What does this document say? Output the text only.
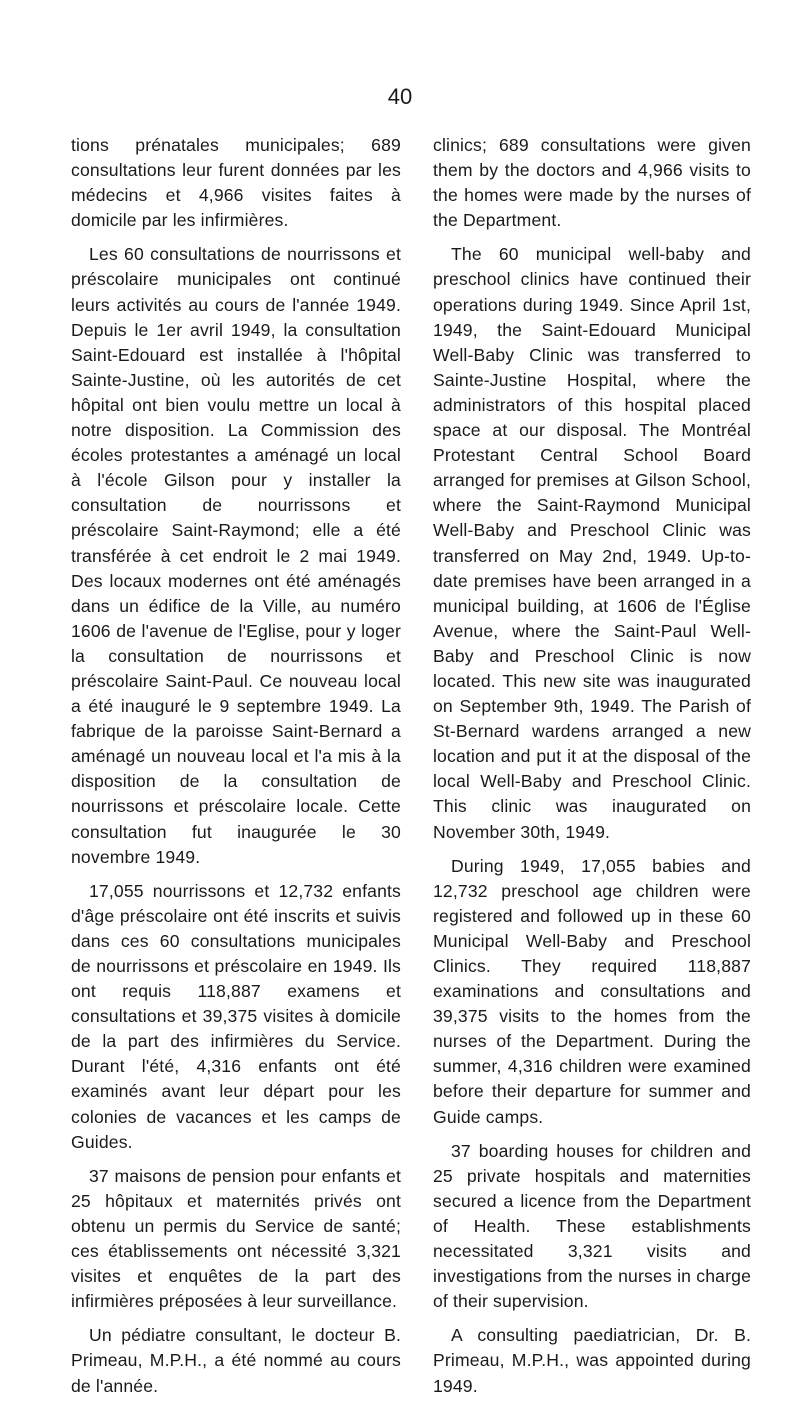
40

tions prénatales municipales; 689 consultations leur furent données par les médecins et 4,966 visites faites à domicile par les infirmières.

Les 60 consultations de nourrissons et préscolaire municipales ont continué leurs activités au cours de l'année 1949. Depuis le 1er avril 1949, la consultation Saint-Edouard est installée à l'hôpital Sainte-Justine, où les autorités de cet hôpital ont bien voulu mettre un local à notre disposition. La Commission des écoles protestantes a aménagé un local à l'école Gilson pour y installer la consultation de nourrissons et préscolaire Saint-Raymond; elle a été transférée à cet endroit le 2 mai 1949. Des locaux modernes ont été aménagés dans un édifice de la Ville, au numéro 1606 de l'avenue de l'Eglise, pour y loger la consultation de nourrissons et préscolaire Saint-Paul. Ce nouveau local a été inauguré le 9 septembre 1949. La fabrique de la paroisse Saint-Bernard a aménagé un nouveau local et l'a mis à la disposition de la consultation de nourrissons et préscolaire locale. Cette consultation fut inaugurée le 30 novembre 1949.

17,055 nourrissons et 12,732 enfants d'âge préscolaire ont été inscrits et suivis dans ces 60 consultations municipales de nourrissons et préscolaire en 1949. Ils ont requis 118,887 examens et consultations et 39,375 visites à domicile de la part des infirmières du Service. Durant l'été, 4,316 enfants ont été examinés avant leur départ pour les colonies de vacances et les camps de Guides.

37 maisons de pension pour enfants et 25 hôpitaux et maternités privés ont obtenu un permis du Service de santé; ces établissements ont nécessité 3,321 visites et enquêtes de la part des infirmières préposées à leur surveillance.

Un pédiatre consultant, le docteur B. Primeau, M.P.H., a été nommé au cours de l'année.

clinics; 689 consultations were given them by the doctors and 4,966 visits to the homes were made by the nurses of the Department.

The 60 municipal well-baby and preschool clinics have continued their operations during 1949. Since April 1st, 1949, the Saint-Edouard Municipal Well-Baby Clinic was transferred to Sainte-Justine Hospital, where the administrators of this hospital placed space at our disposal. The Montréal Protestant Central School Board arranged for premises at Gilson School, where the Saint-Raymond Municipal Well-Baby and Preschool Clinic was transferred on May 2nd, 1949. Up-to-date premises have been arranged in a municipal building, at 1606 de l'Église Avenue, where the Saint-Paul Well-Baby and Preschool Clinic is now located. This new site was inaugurated on September 9th, 1949. The Parish of St-Bernard wardens arranged a new location and put it at the disposal of the local Well-Baby and Preschool Clinic. This clinic was inaugurated on November 30th, 1949.

During 1949, 17,055 babies and 12,732 preschool age children were registered and followed up in these 60 Municipal Well-Baby and Preschool Clinics. They required 118,887 examinations and consultations and 39,375 visits to the homes from the nurses of the Department. During the summer, 4,316 children were examined before their departure for summer and Guide camps.

37 boarding houses for children and 25 private hospitals and maternities secured a licence from the Department of Health. These establishments necessitated 3,321 visits and investigations from the nurses in charge of their supervision.

A consulting paediatrician, Dr. B. Primeau, M.P.H., was appointed during 1949.
